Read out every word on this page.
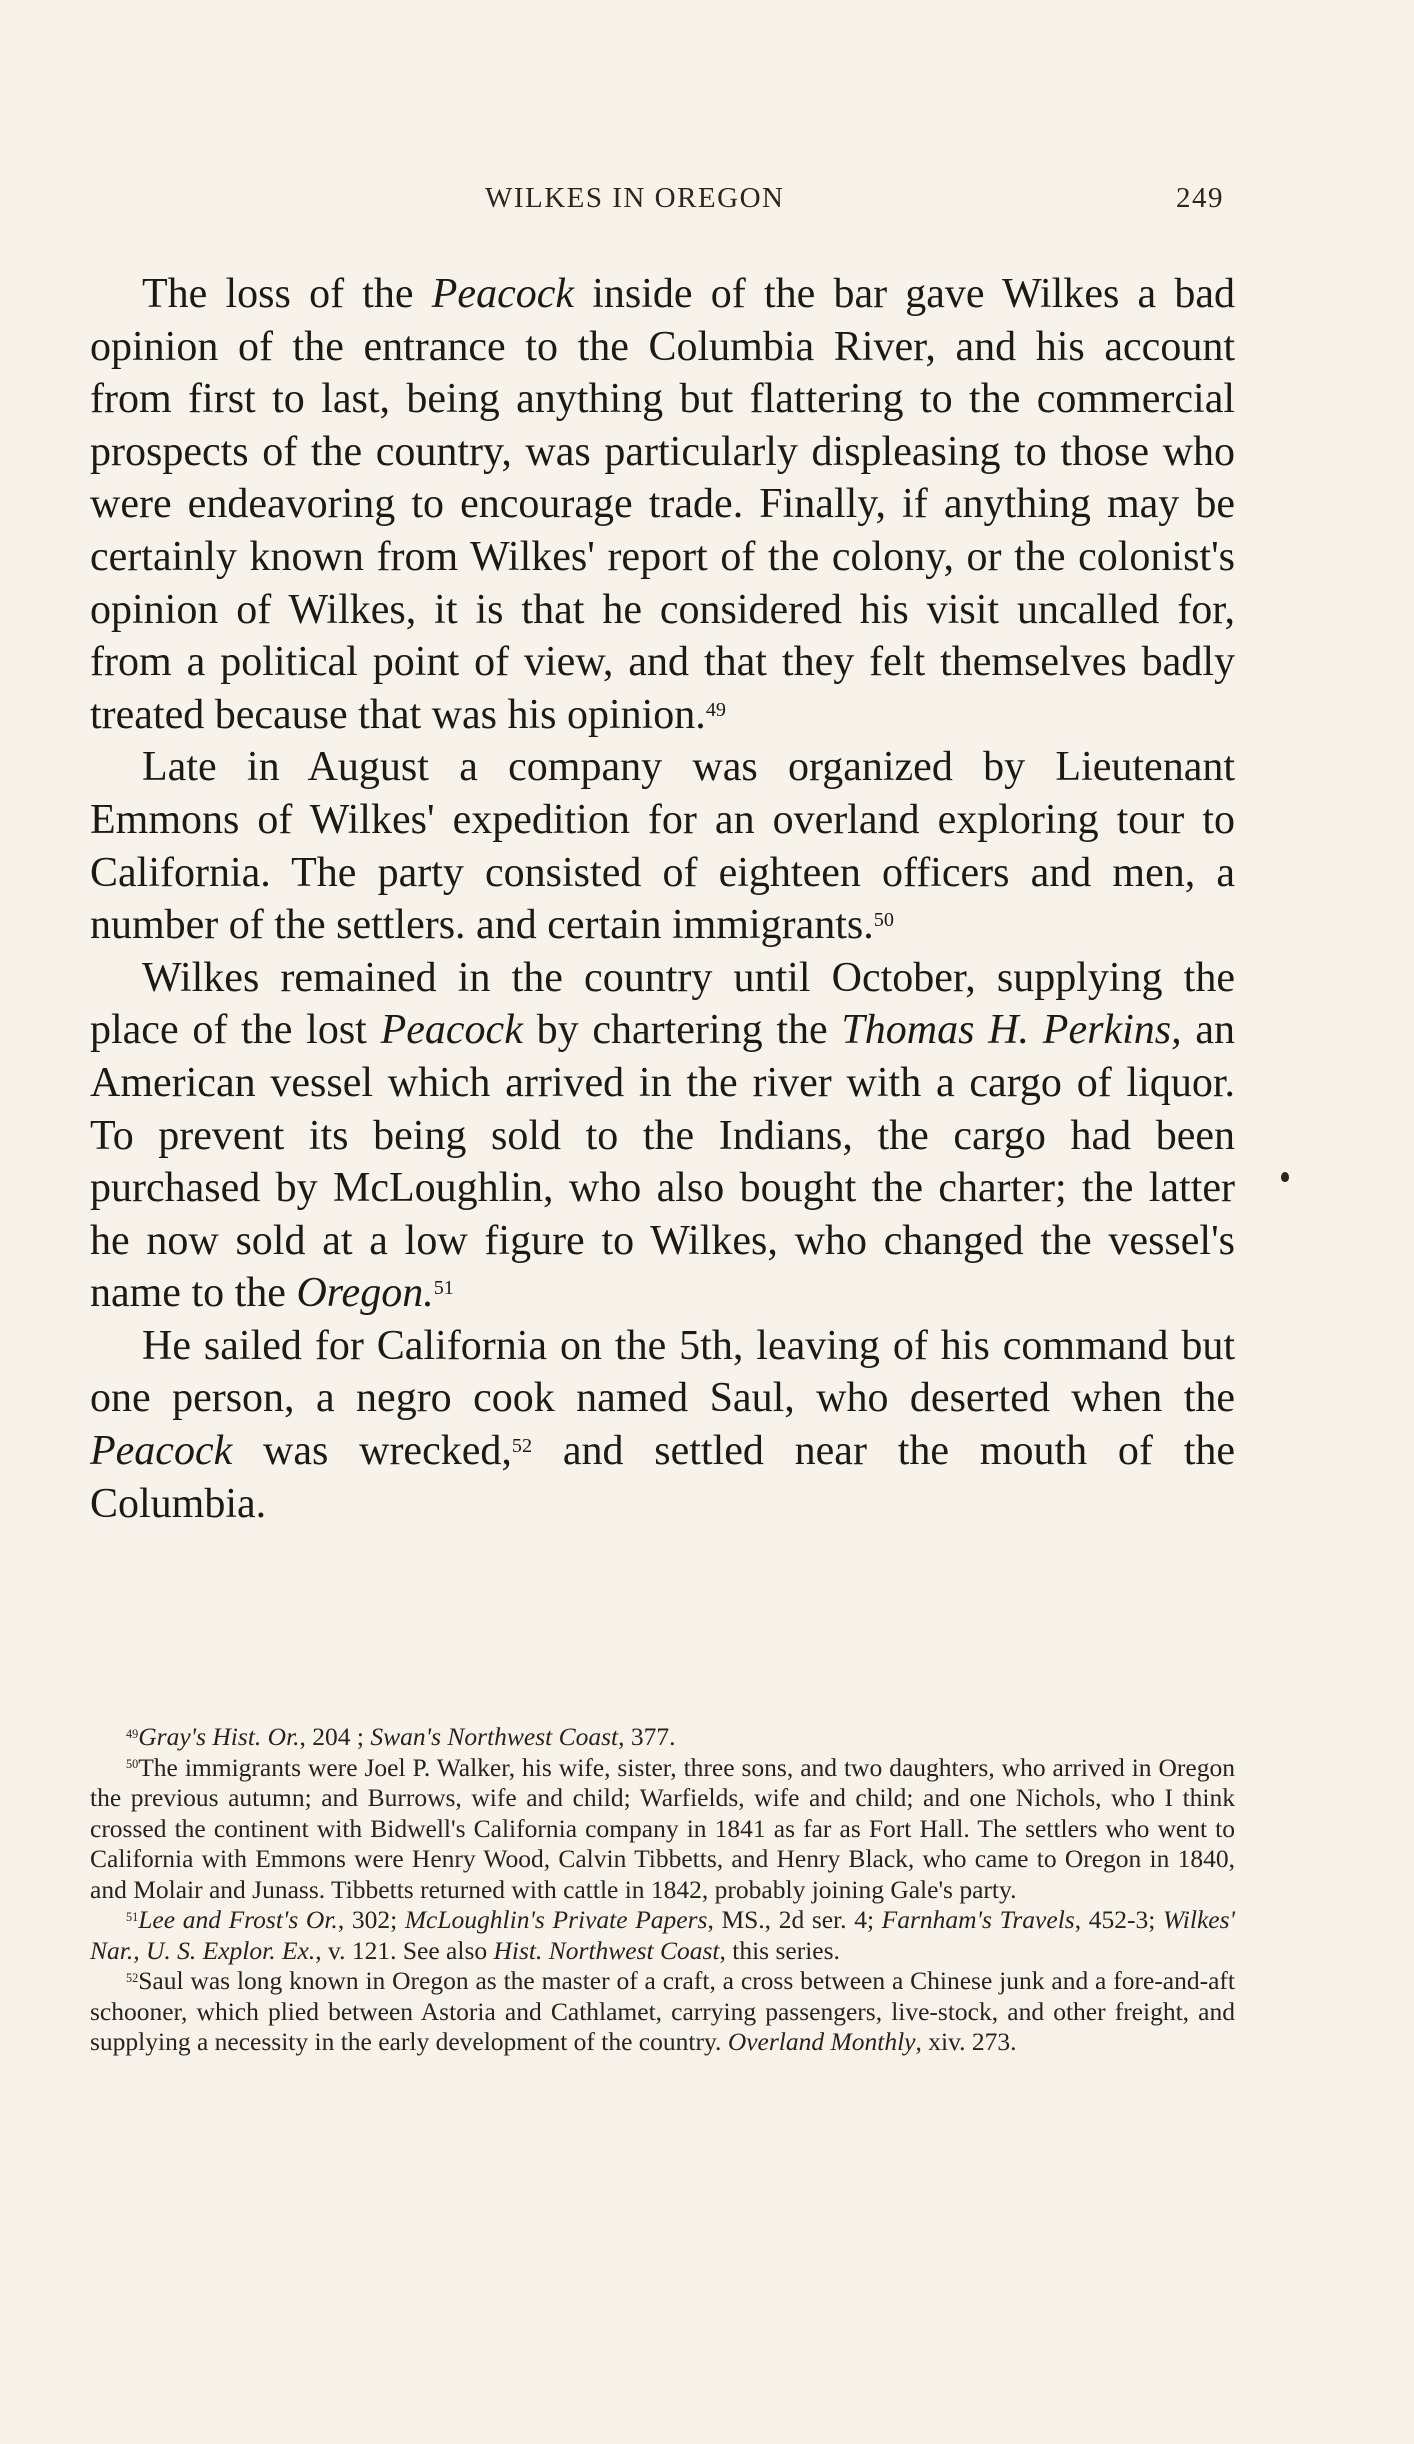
WILKES IN OREGON	249

The loss of the Peacock inside of the bar gave Wilkes a bad opinion of the entrance to the Columbia River, and his account from first to last, being anything but flattering to the commercial prospects of the country, was particularly displeasing to those who were endeavoring to encourage trade. Finally, if anything may be certainly known from Wilkes' report of the colony, or the colonist's opinion of Wilkes, it is that he considered his visit uncalled for, from a political point of view, and that they felt themselves badly treated because that was his opinion.$^{49}$

Late in August a company was organized by Lieutenant Emmons of Wilkes' expedition for an overland exploring tour to California. The party consisted of eighteen officers and men, a number of the settlers. and certain immigrants.$^{50}$

Wilkes remained in the country until October, supplying the place of the lost Peacock by chartering the Thomas H. Perkins, an American vessel which arrived in the river with a cargo of liquor. To prevent its being sold to the Indians, the cargo had been purchased by McLoughlin, who also bought the charter; the latter he now sold at a low figure to Wilkes, who changed the vessel's name to the Oregon.$^{51}$

He sailed for California on the 5th, leaving of his command but one person, a negro cook named Saul, who deserted when the Peacock was wrecked,$^{52}$ and settled near the mouth of the Columbia.

$^{49}$Gray's Hist. Or., 204 ; Swan's Northwest Coast, 377.

$^{50}$The immigrants were Joel P. Walker, his wife, sister, three sons, and two daughters, who arrived in Oregon the previous autumn; and Burrows, wife and child; Warfields, wife and child; and one Nichols, who I think crossed the continent with Bidwell's California company in 1841 as far as Fort Hall. The settlers who went to California with Emmons were Henry Wood, Calvin Tibbetts, and Henry Black, who came to Oregon in 1840, and Molair and Junass. Tibbetts returned with cattle in 1842, probably joining Gale's party.

$^{51}$Lee and Frost's Or., 302; McLoughlin's Private Papers, MS., 2d ser. 4; Farnham's Travels, 452-3; Wilkes' Nar., U. S. Explor. Ex., v. 121. See also Hist. Northwest Coast, this series.

$^{52}$Saul was long known in Oregon as the master of a craft, a cross between a Chinese junk and a fore-and-aft schooner, which plied between Astoria and Cathlamet, carrying passengers, live-stock, and other freight, and supplying a necessity in the early development of the country. Overland Monthly, xiv. 273.
